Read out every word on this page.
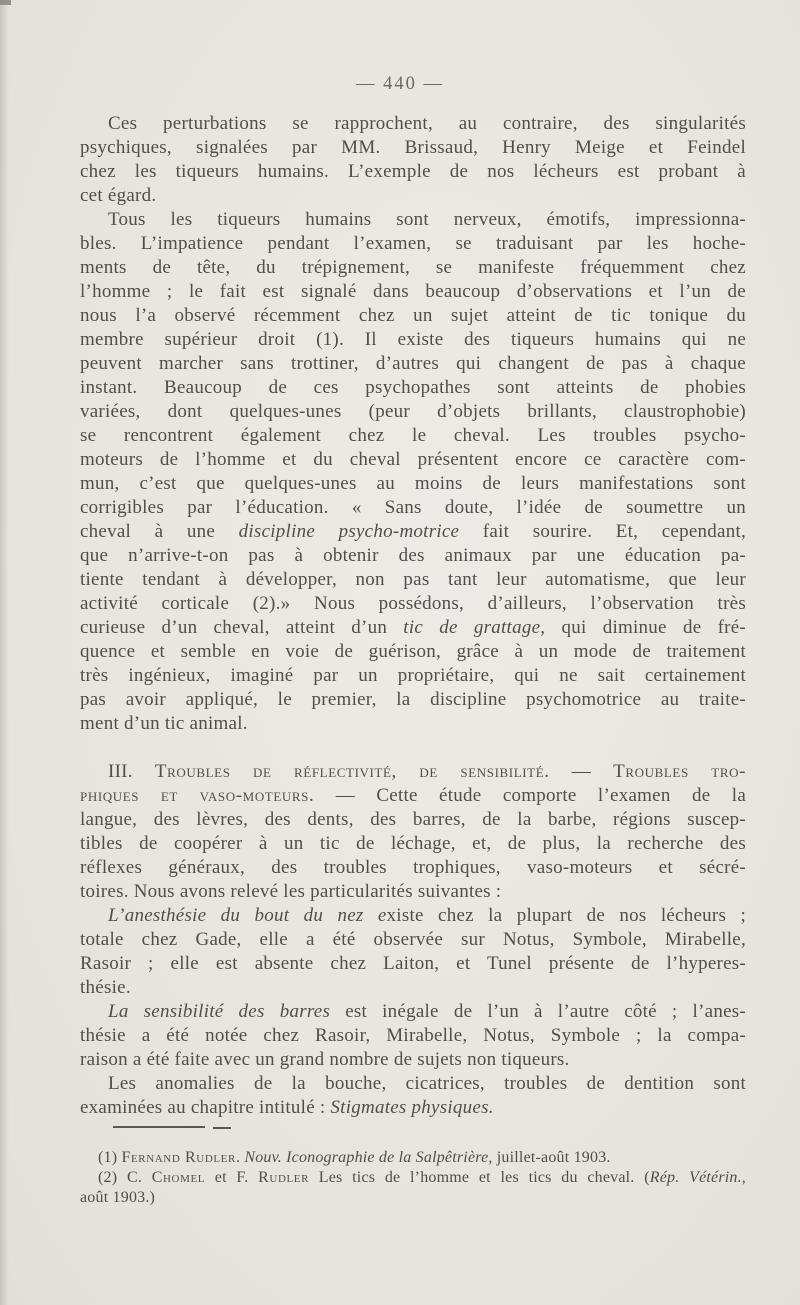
— 440 —
Ces perturbations se rapprochent, au contraire, des singularités
psychiques, signalées par MM. Brissaud, Henry Meige et Feindel
chez les tiqueurs humains. L’exemple de nos lécheurs est probant à
cet égard.
Tous les tiqueurs humains sont nerveux, émotifs, impressionna-
bles. L’impatience pendant l’examen, se traduisant par les hoche-
ments de tête, du trépignement, se manifeste fréquemment chez
l’homme ; le fait est signalé dans beaucoup d’observations et l’un de
nous l’a observé récemment chez un sujet atteint de tic tonique du
membre supérieur droit (1). Il existe des tiqueurs humains qui ne
peuvent marcher sans trottiner, d’autres qui changent de pas à chaque
instant. Beaucoup de ces psychopathes sont atteints de phobies
variées, dont quelques-unes (peur d’objets brillants, claustrophobie)
se rencontrent également chez le cheval. Les troubles psycho-
moteurs de l’homme et du cheval présentent encore ce caractère com-
mun, c’est que quelques-unes au moins de leurs manifestations sont
corrigibles par l’éducation. « Sans doute, l’idée de soumettre un
cheval à une discipline psycho-motrice fait sourire. Et, cependant,
que n’arrive-t-on pas à obtenir des animaux par une éducation pa-
tiente tendant à développer, non pas tant leur automatisme, que leur
activité corticale (2).» Nous possédons, d’ailleurs, l’observation très
curieuse d’un cheval, atteint d’un tic de grattage, qui diminue de fré-
quence et semble en voie de guérison, grâce à un mode de traitement
très ingénieux, imaginé par un propriétaire, qui ne sait certainement
pas avoir appliqué, le premier, la discipline psychomotrice au traite-
ment d’un tic animal.
III. Troubles de réflectivité, de sensibilité. — Troubles tro-
phiques et vaso-moteurs. — Cette étude comporte l’examen de la
langue, des lèvres, des dents, des barres, de la barbe, régions suscep-
tibles de coopérer à un tic de léchage, et, de plus, la recherche des
réflexes généraux, des troubles trophiques, vaso-moteurs et sécré-
toires. Nous avons relevé les particularités suivantes :
L’anesthésie du bout du nez existe chez la plupart de nos lécheurs ;
totale chez Gade, elle a été observée sur Notus, Symbole, Mirabelle,
Rasoir ; elle est absente chez Laiton, et Tunel présente de l’hyperes-
thésie.
La sensibilité des barres est inégale de l’un à l’autre côté ; l’anes-
thésie a été notée chez Rasoir, Mirabelle, Notus, Symbole ; la compa-
raison a été faite avec un grand nombre de sujets non tiqueurs.
Les anomalies de la bouche, cicatrices, troubles de dentition sont
examinées au chapitre intitulé : Stigmates physiques.
(1) Fernand Rudler. Nouv. Iconographie de la Salpêtrière, juillet-août 1903.
(2) C. Chomel et F. Rudler Les tics de l’homme et les tics du cheval. (Rép. Vétérin.,
août 1903.)
